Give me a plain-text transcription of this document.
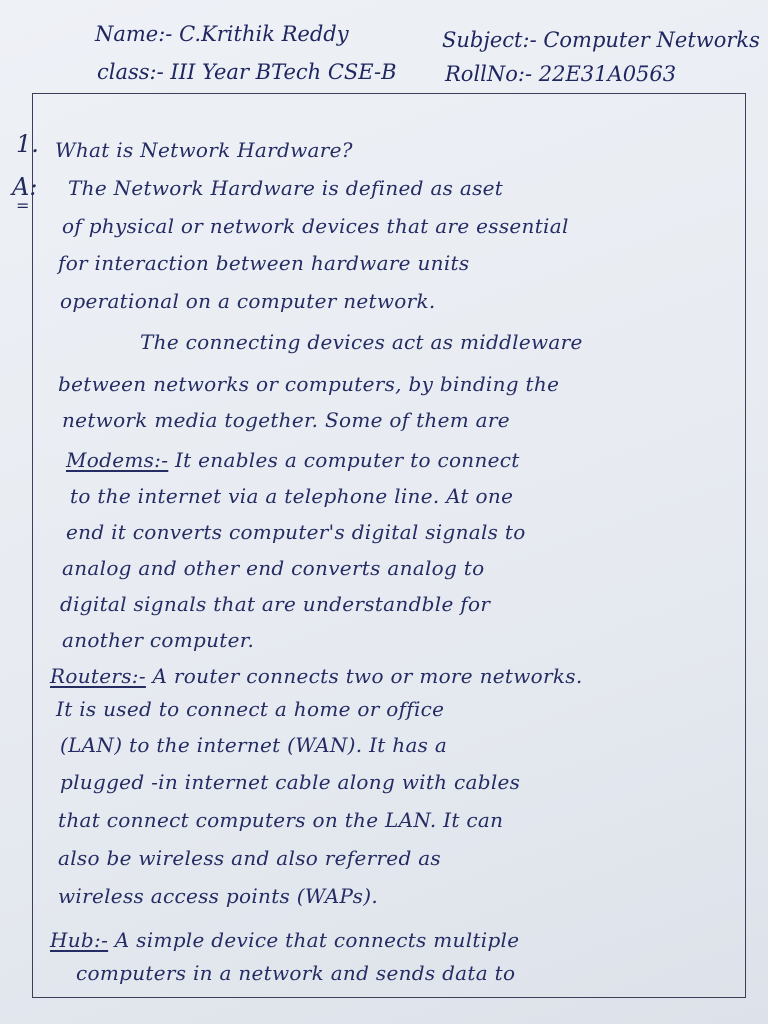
Name:- C.Krithik Reddy	Subject:- Computer Networks
class:- III Year BTech CSE-B RollNo:- 22E31A0563
1. What is Network Hardware?
A:
=
The Network Hardware is defined as aset
of physical or network devices that are essential
for interaction between hardware units
operational on a computer network.
The connecting devices act as middleware
between networks or computers, by binding the
network media together. Some of them are
Modems:- It enables a computer to connect
to the internet via a telephone line. At one
end it converts computer's digital signals to
analog and other end converts analog to
digital signals that are understandble for
another computer.
Routers:- A router connects two or more networks.
It is used to connect a home or office
(LAN) to the internet (WAN). It has a
plugged -in internet cable along with cables
that connect computers on the LAN. It can
also be wireless and also referred as
wireless access points (WAPs).
Hub:- A simple device that connects multiple
computers in a network and sends data to
